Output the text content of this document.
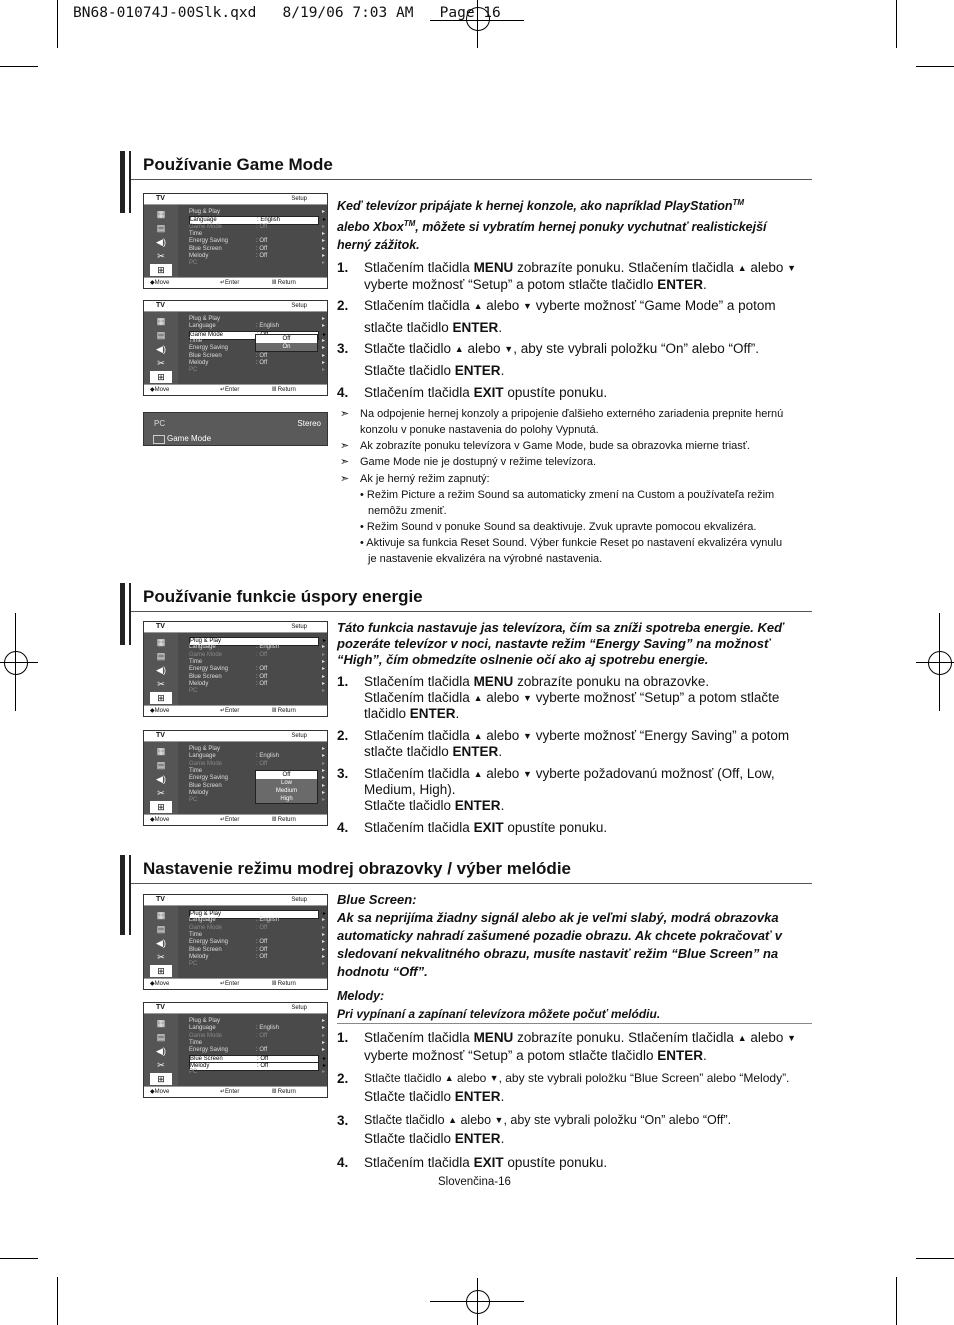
BN68-01074J-00Slk.qxd   8/19/06 7:03 AM   Page 16
Používanie Game Mode
Keď televízor pripájate k hernej konzole, ako napríklad PlayStation™
alebo Xbox™, môžete si vybratím hernej ponuky vychutnať realistickejší
herný zážitok.
1. Stlačením tlačidla MENU zobrazíte ponuku. Stlačením tlačidla ▲ alebo ▼
vyberte možnosť “Setup” a potom stlačte tlačidlo ENTER.
2. Stlačením tlačidla ▲ alebo ▼ vyberte možnosť “Game Mode” a potom
stlačte tlačidlo ENTER.
3. Stlačte tlačidlo ▲ alebo ▼, aby ste vybrali položku “On” alebo “Off”.
Stlačte tlačidlo ENTER.
4. Stlačením tlačidla EXIT opustíte ponuku.
➣ Na odpojenie hernej konzoly a pripojenie ďalšieho externého zariadenia prepnite hernú
konzolu v ponuke nastavenia do polohy Vypnutá.
➣ Ak zobrazíte ponuku televízora v Game Mode, bude sa obrazovka mierne triasť.
➣ Game Mode nie je dostupný v režime televízora.
➣ Ak je herný režim zapnutý:
• Režim Picture a režim Sound sa automaticky zmení na Custom a používateľa režim
nemôžu zmeniť.
• Režim Sound v ponuke Sound sa deaktivuje. Zvuk upravte pomocou ekvalizéra.
• Aktivuje sa funkcia Reset Sound. Výber funkcie Reset po nastavení ekvalizéra vynulu
je nastavenie ekvalizéra na výrobné nastavenia.
TV	Setup
▦
▤
◀)
✂
⊞
Plug & Play	▸
Language	: English	▸
Game Mode	: Off	▸
Time	▸
Energy Saving	: Off	▸
Blue Screen	: Off	▸
Melody	: Off	▸
PC	▸
◆Move	↵Enter	Ⅲ Return
TV	Setup
▦
▤
◀)
✂
⊞
Plug & Play	▸
Language	: English	▸
Game Mode	▸
Time	▸
Energy Saving	▸
Blue Screen	: Off	▸
Melody	: Off	▸
PC	▸
Off
On
◆Move	↵Enter	Ⅲ Return
PC	Stereo
Game Mode
Používanie funkcie úspory energie
Táto funkcia nastavuje jas televízora, čím sa zníži spotreba energie. Keď
pozeráte televízor v noci, nastavte režim “Energy Saving” na možnosť
“High”, čím obmedzíte oslnenie očí ako aj spotrebu energie.
1. Stlačením tlačidla MENU zobrazíte ponuku na obrazovke.
Stlačením tlačidla ▲ alebo ▼ vyberte možnosť “Setup” a potom stlačte
tlačidlo ENTER.
2. Stlačením tlačidla ▲ alebo ▼ vyberte možnosť “Energy Saving” a potom
stlačte tlačidlo ENTER.
3. Stlačením tlačidla ▲ alebo ▼ vyberte požadovanú možnosť (Off, Low,
Medium, High).
Stlačte tlačidlo ENTER.
4. Stlačením tlačidla EXIT opustíte ponuku.
TV	Setup
▦
▤
◀)
✂
⊞
Plug & Play	▸
Language	: English	▸
Game Mode	: Off	▸
Time	▸
Energy Saving	: Off	▸
Blue Screen	: Off	▸
Melody	: Off	▸
PC	▸
◆Move	↵Enter	Ⅲ Return
TV	Setup
▦
▤
◀)
✂
⊞
Plug & Play	▸
Language	: English	▸
Game Mode	: Off	▸
Time	▸
Energy Saving	▸
Blue Screen	▸
Melody	▸
PC	▸
Off
Low
Medium
High
◆Move	↵Enter	Ⅲ Return
Nastavenie režimu modrej obrazovky / výber melódie
Blue Screen:
Ak sa neprijíma žiadny signál alebo ak je veľmi slabý, modrá obrazovka
automaticky nahradí zašumené pozadie obrazu. Ak chcete pokračovať v
sledovaní nekvalitného obrazu, musíte nastaviť režim “Blue Screen” na
hodnotu “Off”.
Melody:
Pri vypínaní a zapínaní televízora môžete počuť melódiu.
1. Stlačením tlačidla MENU zobrazíte ponuku. Stlačením tlačidla ▲ alebo ▼
vyberte možnosť “Setup” a potom stlačte tlačidlo ENTER.
2. Stlačte tlačidlo ▲ alebo ▼, aby ste vybrali položku “Blue Screen” alebo “Melody”.
Stlačte tlačidlo ENTER.
3. Stlačte tlačidlo ▲ alebo ▼, aby ste vybrali položku “On” alebo “Off”.
Stlačte tlačidlo ENTER.
4. Stlačením tlačidla EXIT opustíte ponuku.
TV	Setup
▦
▤
◀)
✂
⊞
Plug & Play	▸
Language	: English	▸
Game Mode	: Off	▸
Time	▸
Energy Saving	: Off	▸
Blue Screen	: Off	▸
Melody	: Off	▸
PC	▸
◆Move	↵Enter	Ⅲ Return
TV	Setup
▦
▤
◀)
✂
⊞
Plug & Play	▸
Language	: English	▸
Game Mode	: Off	▸
Time	▸
Energy Saving	: Off	▸
Blue Screen	: Off	▸
Melody	: Off	▸
PC	▸
◆Move	↵Enter	Ⅲ Return
Slovenčina-16
